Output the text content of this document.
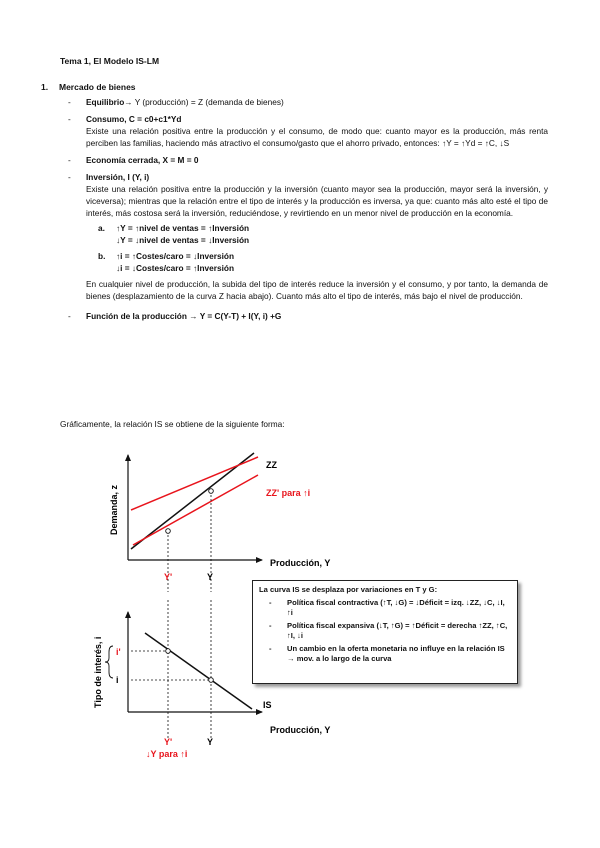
Tema 1, El Modelo IS-LM
1. Mercado de bienes
- Equilibrio→ Y (producción) = Z (demanda de bienes)
- Consumo, C = c0+c1*Yd
Existe una relación positiva entre la producción y el consumo, de modo que: cuanto mayor es la producción, más renta perciben las familias, haciendo más atractivo el consumo/gasto que el ahorro privado, entonces: ↑Y = ↑Yd = ↑C, ↓S
- Economía cerrada, X = M = 0
- Inversión, I (Y, i)
Existe una relación positiva entre la producción y la inversión (cuanto mayor sea la producción, mayor será la inversión, y viceversa); mientras que la relación entre el tipo de interés y la producción es inversa, ya que: cuanto más alto esté el tipo de interés, más costosa será la inversión, reduciéndose, y revirtiendo en un menor nivel de producción en la economía.
a. ↑Y = ↑nivel de ventas = ↑Inversión
↓Y = ↓nivel de ventas = ↓Inversión
b. ↑i = ↑Costes/caro = ↓Inversión
↓i = ↓Costes/caro = ↑Inversión
En cualquier nivel de producción, la subida del tipo de interés reduce la inversión y el consumo, y por tanto, la demanda de bienes (desplazamiento de la curva Z hacia abajo). Cuanto más alto el tipo de interés, más bajo el nivel de producción.
- Función de la producción → Y = C(Y-T) + I(Y, i) +G
Gráficamente, la relación IS se obtiene de la siguiente forma:
ZZ
ZZ' para ↑i
Demanda, z
Producción, Y
Y'	Y
i'
i
IS
Tipo de interés, i
Producción, Y
Y'	Y
↓Y para ↑i
La curva IS se desplaza por variaciones en T y G:
- Política fiscal contractiva (↑T, ↓G) = ↓Déficit = izq. ↓ZZ, ↓C, ↓I, ↑i
- Política fiscal expansiva (↓T, ↑G) = ↑Déficit = derecha ↑ZZ, ↑C, ↑I, ↓i
- Un cambio en la oferta monetaria no influye en la relación IS → mov. a lo largo de la curva
